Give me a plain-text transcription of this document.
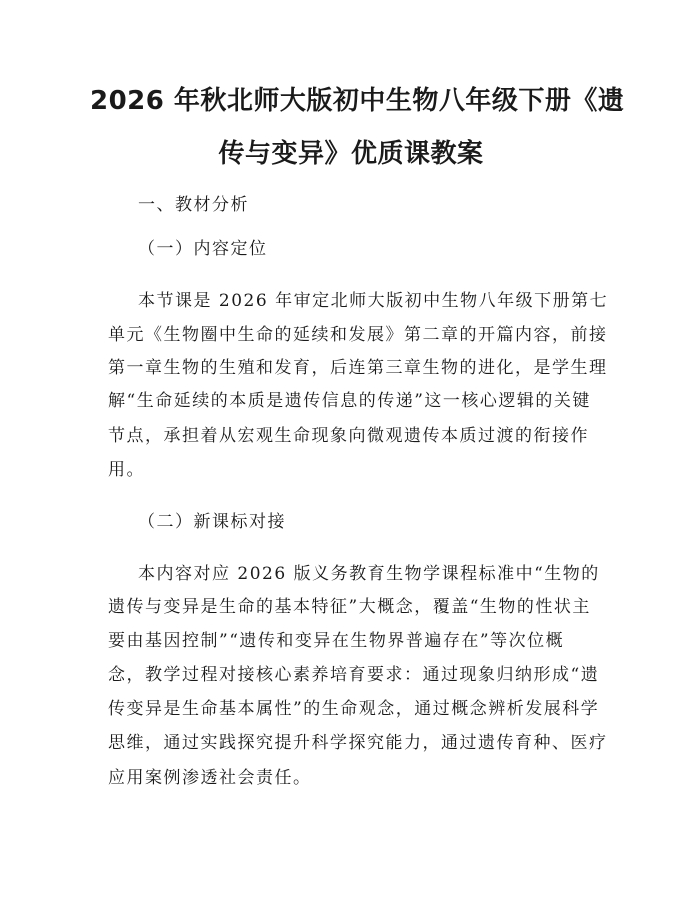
2026 年秋北师大版初中生物八年级下册《遗
传与变异》优质课教案

一、教材分析

（一）内容定位

本节课是 2026 年审定北师大版初中生物八年级下册第七

单元《生物圈中生命的延续和发展》第二章的开篇内容，前接

第一章生物的生殖和发育，后连第三章生物的进化，是学生理

解“生命延续的本质是遗传信息的传递”这一核心逻辑的关键

节点，承担着从宏观生命现象向微观遗传本质过渡的衔接作

用。

（二）新课标对接

本内容对应 2026 版义务教育生物学课程标准中“生物的

遗传与变异是生命的基本特征”大概念，覆盖“生物的性状主

要由基因控制”“遗传和变异在生物界普遍存在”等次位概

念，教学过程对接核心素养培育要求：通过现象归纳形成“遗

传变异是生命基本属性”的生命观念，通过概念辨析发展科学

思维，通过实践探究提升科学探究能力，通过遗传育种、医疗

应用案例渗透社会责任。
